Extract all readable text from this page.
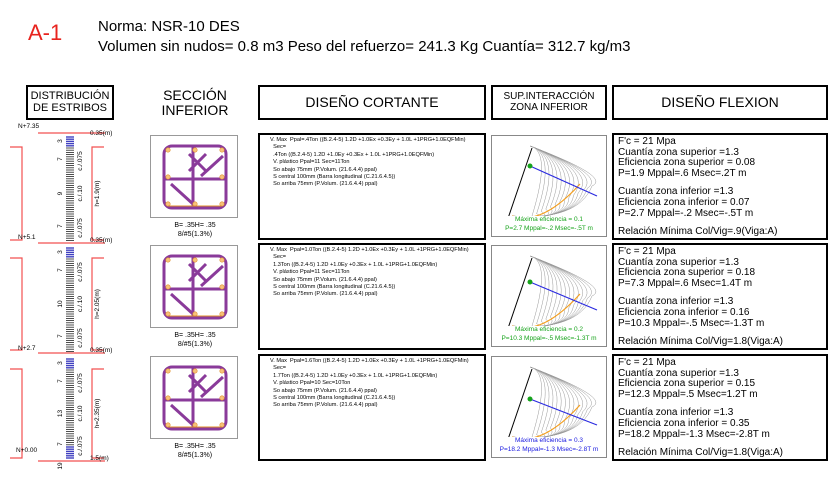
A-1 Norma: NSR-10 DES
Volumen sin nudos= 0.8 m3 Peso del refuerzo= 241.3 Kg Cuantía= 312.7 kg/m3
DISTRIBUCIÓN
DE ESTRIBOS
SECCIÓN
INFERIOR	DISEÑO CORTANTE	SUP.INTERACCIÓN
ZONA INFERIOR	DISEÑO FLEXION
3
7
9
7
c./.075
c./.10
c./.075
h=1.9(m)
0.35(m)
3
7
10
7
c./.075
c./.10
c./.075
h=2.05(m)
0.35(m)
3
7
13
7
19
c./.075
c./.10
c./.075
h=2.35(m)
1.5(m)
N+7.35
N+5.1
N+2.7
N+0.00
0.35(m)
B= .35H= .35
8/#5(1.3%)
V. Max  Ppal=.4Ton ((B.2.4-5) 1.2D +1.0Ex +0.3Ey + 1.0L +1PRG+1.0EQFMin)
Sec=
.4Ton ((B.2.4-5) 1.2D +1.0Ey +0.3Ex + 1.0L +1PRG+1.0EQFMin)
V. plástico Ppal=11 Sec=11Ton
So abajo 75mm (P.Volum. (21.6.4.4) ppal)
S central 100mm (Barra longitudinal (C.21.6.4.5))
So arriba 75mm (P.Volum. (21.6.4.4) ppal)
Máxima eficiencia = 0.1
P=2.7 Mppal=-.2 Msec=-.5T m
F'c = 21 Mpa
Cuantía zona superior =1.3
Eficiencia zona superior = 0.08
P=1.9 Mppal=.6 Msec=.2T m
Cuantía zona inferior =1.3
Eficiencia zona inferior = 0.07
P=2.7 Mppal=-.2 Msec=-.5T m
Relación Mínima Col/Vig=.9(Viga:A)
B= .35H= .35
8/#5(1.3%)
V. Max  Ppal=1.0Ton ((B.2.4-5) 1.2D +1.0Ex +0.3Ey + 1.0L +1PRG+1.0EQFMin)
Sec=
1.3Ton ((B.2.4-5) 1.2D +1.0Ey +0.3Ex + 1.0L +1PRG+1.0EQFMin)
V. plástico Ppal=11 Sec=11Ton
So abajo 75mm (P.Volum. (21.6.4.4) ppal)
S central 100mm (Barra longitudinal (C.21.6.4.5))
So arriba 75mm (P.Volum. (21.6.4.4) ppal)
Máxima eficiencia = 0.2
P=10.3 Mppal=-.5 Msec=-1.3T m
F'c = 21 Mpa
Cuantía zona superior =1.3
Eficiencia zona superior = 0.18
P=7.3 Mppal=.6 Msec=1.4T m
Cuantía zona inferior =1.3
Eficiencia zona inferior = 0.16
P=10.3 Mppal=-.5 Msec=-1.3T m
Relación Mínima Col/Vig=1.8(Viga:A)
B= .35H= .35
8/#5(1.3%)
V. Max  Ppal=1.6Ton ((B.2.4-5) 1.2D +1.0Ex +0.3Ey + 1.0L +1PRG+1.0EQFMin)
Sec=
1.7Ton ((B.2.4-5) 1.2D +1.0Ey +0.3Ex + 1.0L +1PRG+1.0EQFMin)
V. plástico Ppal=10 Sec=10Ton
So abajo 75mm (P.Volum. (21.6.4.4) ppal)
S central 100mm (Barra longitudinal (C.21.6.4.5))
So arriba 75mm (P.Volum. (21.6.4.4) ppal)
Máxima eficiencia = 0.3
P=18.2 Mppal=-1.3 Msec=-2.8T m
F'c = 21 Mpa
Cuantía zona superior =1.3
Eficiencia zona superior = 0.15
P=12.3 Mppal=.5 Msec=1.2T m
Cuantía zona inferior =1.3
Eficiencia zona inferior = 0.35
P=18.2 Mppal=-1.3 Msec=-2.8T m
Relación Mínima Col/Vig=1.8(Viga:A)
